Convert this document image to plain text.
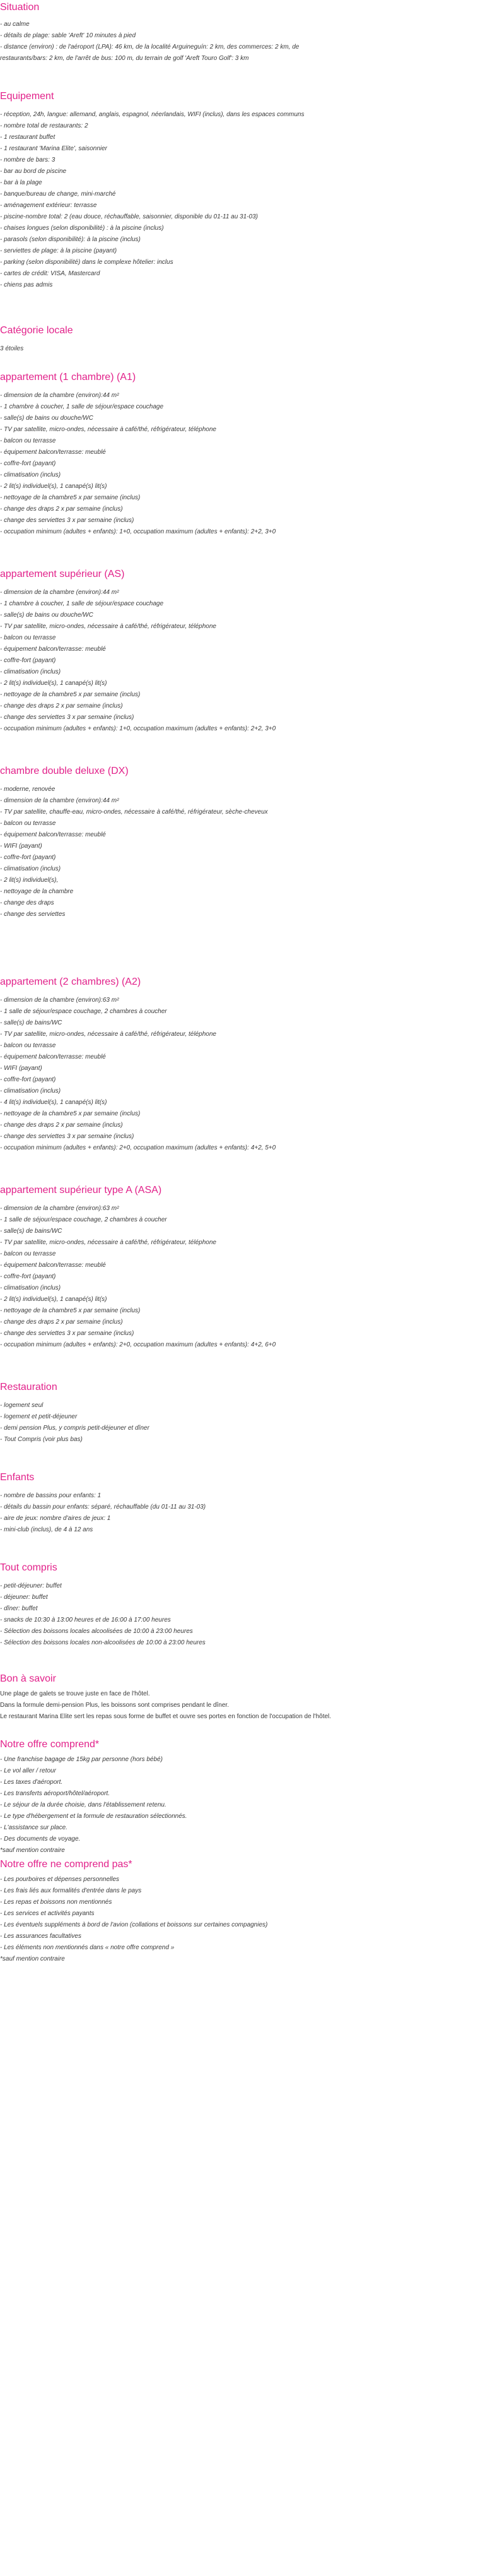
Situation
- au calme
- détails de plage: sable 'Areft' 10 minutes à pied
- distance (environ) : de l'aéroport (LPA): 46 km, de la localité Arguineguín: 2 km, des commerces: 2 km, de
restaurants/bars: 2 km, de l'arrêt de bus: 100 m, du terrain de golf 'Areft Touro Golf': 3 km
Equipement
- réception, 24h, langue: allemand, anglais, espagnol, néerlandais, WIFI (inclus), dans les espaces communs
- nombre total de restaurants: 2
- 1 restaurant buffet
- 1 restaurant 'Marina Elite', saisonnier
- nombre de bars: 3
- bar au bord de piscine
- bar à la plage
- banque/bureau de change, mini-marché
- aménagement extérieur: terrasse
- piscine-nombre total: 2 (eau douce, réchauffable, saisonnier, disponible du 01-11 au 31-03)
- chaises longues (selon disponibilité) : à la piscine (inclus)
- parasols (selon disponibilité): à la piscine (inclus)
- serviettes de plage: à la piscine (payant)
- parking (selon disponibilité) dans le complexe hôtelier: inclus
- cartes de crédit: VISA, Mastercard
- chiens pas admis
Catégorie locale
3 étoiles
appartement (1 chambre) (A1)
- dimension de la chambre (environ):44 m²
- 1 chambre à coucher, 1 salle de séjour/espace couchage
- salle(s) de bains ou douche/WC
- TV par satellite, micro-ondes, nécessaire à café/thé, réfrigérateur, téléphone
- balcon ou terrasse
- équipement balcon/terrasse: meublé
- coffre-fort (payant)
- climatisation (inclus)
- 2 lit(s) individuel(s), 1 canapé(s) lit(s)
- nettoyage de la chambre5 x par semaine (inclus)
- change des draps 2 x par semaine (inclus)
- change des serviettes 3 x par semaine (inclus)
- occupation minimum (adultes + enfants): 1+0, occupation maximum (adultes + enfants): 2+2, 3+0
appartement supérieur (AS)
- dimension de la chambre (environ):44 m²
- 1 chambre à coucher, 1 salle de séjour/espace couchage
- salle(s) de bains ou douche/WC
- TV par satellite, micro-ondes, nécessaire à café/thé, réfrigérateur, téléphone
- balcon ou terrasse
- équipement balcon/terrasse: meublé
- coffre-fort (payant)
- climatisation (inclus)
- 2 lit(s) individuel(s), 1 canapé(s) lit(s)
- nettoyage de la chambre5 x par semaine (inclus)
- change des draps 2 x par semaine (inclus)
- change des serviettes 3 x par semaine (inclus)
- occupation minimum (adultes + enfants): 1+0, occupation maximum (adultes + enfants): 2+2, 3+0
chambre double deluxe (DX)
- moderne, renovée
- dimension de la chambre (environ):44 m²
- TV par satellite, chauffe-eau, micro-ondes, nécessaire à café/thé, réfrigérateur, sèche-cheveux
- balcon ou terrasse
- équipement balcon/terrasse: meublé
- WIFI (payant)
- coffre-fort (payant)
- climatisation (inclus)
- 2 lit(s) individuel(s),
- nettoyage de la chambre
- change des draps
- change des serviettes
appartement (2 chambres) (A2)
- dimension de la chambre (environ):63 m²
- 1 salle de séjour/espace couchage, 2 chambres à coucher
- salle(s) de bains/WC
- TV par satellite, micro-ondes, nécessaire à café/thé, réfrigérateur, téléphone
- balcon ou terrasse
- équipement balcon/terrasse: meublé
- WIFI (payant)
- coffre-fort (payant)
- climatisation (inclus)
- 4 lit(s) individuel(s), 1 canapé(s) lit(s)
- nettoyage de la chambre5 x par semaine (inclus)
- change des draps 2 x par semaine (inclus)
- change des serviettes 3 x par semaine (inclus)
- occupation minimum (adultes + enfants): 2+0, occupation maximum (adultes + enfants): 4+2, 5+0
appartement supérieur type A (ASA)
- dimension de la chambre (environ):63 m²
- 1 salle de séjour/espace couchage, 2 chambres à coucher
- salle(s) de bains/WC
- TV par satellite, micro-ondes, nécessaire à café/thé, réfrigérateur, téléphone
- balcon ou terrasse
- équipement balcon/terrasse: meublé
- coffre-fort (payant)
- climatisation (inclus)
- 2 lit(s) individuel(s), 1 canapé(s) lit(s)
- nettoyage de la chambre5 x par semaine (inclus)
- change des draps 2 x par semaine (inclus)
- change des serviettes 3 x par semaine (inclus)
- occupation minimum (adultes + enfants): 2+0, occupation maximum (adultes + enfants): 4+2, 6+0
Restauration
- logement seul
- logement et petit-déjeuner
- demi pension Plus, y compris petit-déjeuner et dîner
- Tout Compris (voir plus bas)
Enfants
- nombre de bassins pour enfants: 1
- détails du bassin pour enfants: séparé, réchauffable (du 01-11 au 31-03)
- aire de jeux: nombre d'aires de jeux: 1
- mini-club (inclus), de 4 à 12 ans
Tout compris
- petit-déjeuner: buffet
- déjeuner: buffet
- dîner: buffet
- snacks de 10:30 à 13:00 heures et de 16:00 à 17:00 heures
- Sélection des boissons locales alcoolisées de 10:00 à 23:00 heures
- Sélection des boissons locales non-alcoolisées de 10:00 à 23:00 heures
Bon à savoir
Une plage de galets se trouve juste en face de l'hôtel.
Dans la formule demi-pension Plus, les boissons sont comprises pendant le dîner.
Le restaurant Marina Elite sert les repas sous forme de buffet et ouvre ses portes en fonction de l'occupation de l'hôtel.
Notre offre comprend*
- Une franchise bagage de 15kg par personne (hors bébé)
- Le vol aller / retour
- Les taxes d'aéroport.
- Les transferts aéroport/hôtel/aéroport.
- Le séjour de la durée choisie, dans l'établissement retenu.
- Le type d'hébergement et la formule de restauration sélectionnés.
- L'assistance sur place.
- Des documents de voyage.
*sauf mention contraire
Notre offre ne comprend pas*
- Les pourboires et dépenses personnelles
- Les frais liés aux formalités d'entrée dans le pays
- Les repas et boissons non mentionnés
- Les services et activités payants
- Les éventuels suppléments à bord de l'avion (collations et boissons sur certaines compagnies)
- Les assurances facultatives
- Les éléments non mentionnés dans « notre offre comprend »
*sauf mention contraire
